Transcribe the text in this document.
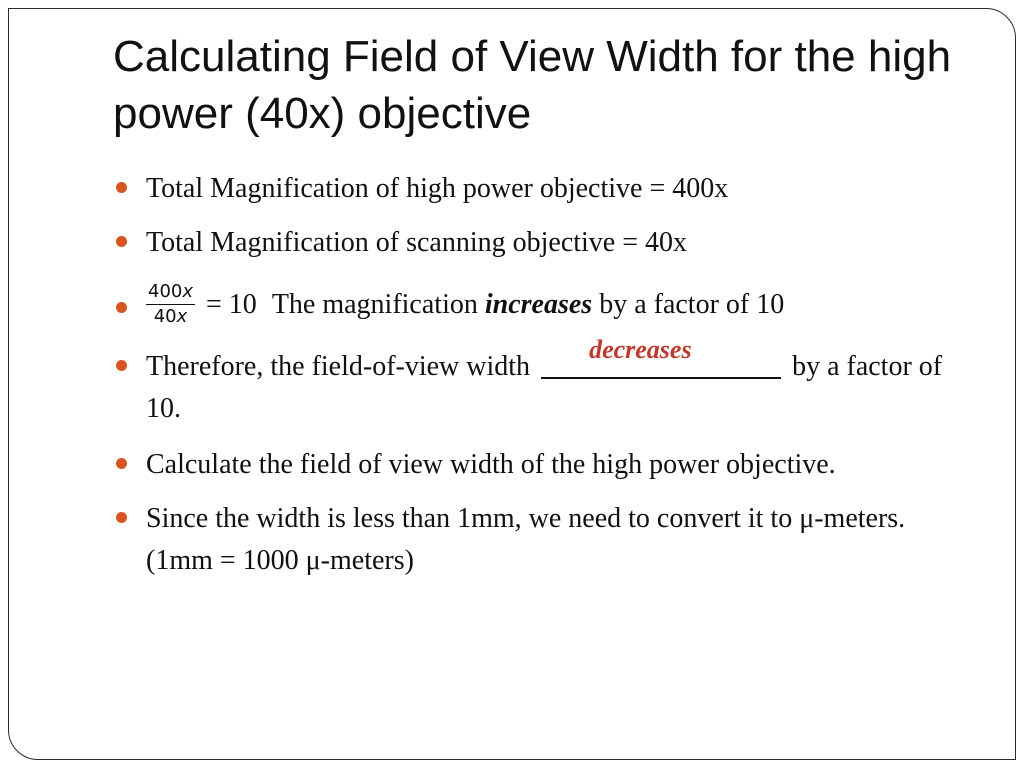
Calculating Field of View Width for the high power (40x) objective
Total Magnification of high power objective = 400x
Total Magnification of scanning objective = 40x
$\frac{400x}{40x} = 10$ The magnification increases by a factor of 10
Therefore, the field-of-view width
decreases
by a factor of 10.
Calculate the field of view width of the high power objective.
Since the width is less than 1mm, we need to convert it to μ-meters. (1mm = 1000 μ-meters)
